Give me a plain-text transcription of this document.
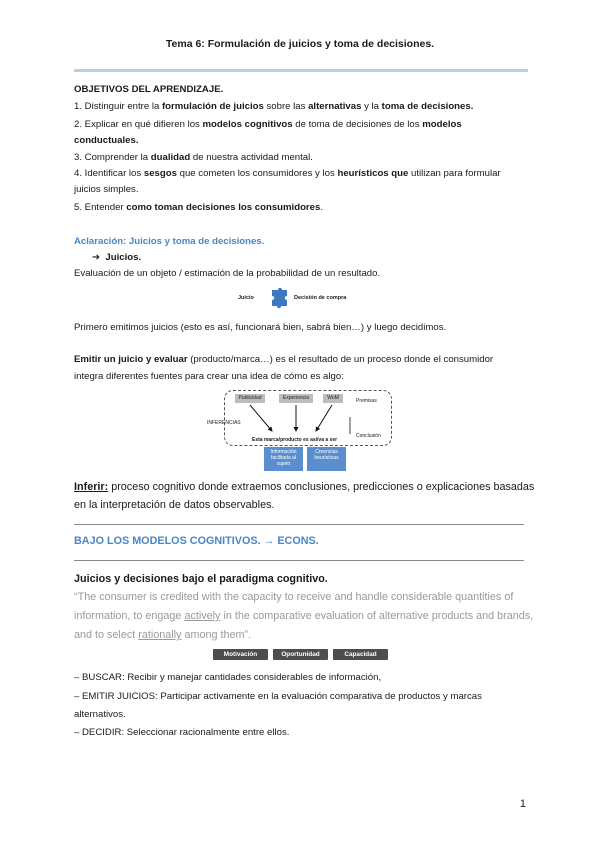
Tema 6: Formulación de juicios y toma de decisiones.
OBJETIVOS DEL APRENDIZAJE.
1. Distinguir entre la formulación de juicios sobre las alternativas y la toma de decisiones.
2. Explicar en qué difieren los modelos cognitivos de toma de decisiones de los modelos
conductuales.
3. Comprender la dualidad de nuestra actividad mental.
4. Identificar los sesgos que cometen los consumidores y los heurísticos que utilizan para formular
juicios simples.
5. Entender como toman decisiones los consumidores.
Aclaración: Juicios y toma de decisiones.
➔ Juicios.
Evaluación de un objeto / estimación de la probabilidad de un resultado.
Juicio	Decisión de compra
Primero emitimos juicios (esto es así, funcionará bien, sabrá bien…) y luego decidimos.
Emitir un juicio y evaluar (producto/marca…) es el resultado de un proceso donde el consumidor
integra diferentes fuentes para crear una idea de cómo es algo:
Publicidad	Experiencia	WoM	Premisas
INFERENCIAS
Conclusión
Esta marca/producto es así/va a ser
Información facilitada al sujeto
Creencias heurísticas
Inferir: proceso cognitivo donde extraemos conclusiones, predicciones o explicaciones basadas
en la interpretación de datos observables.
BAJO LOS MODELOS COGNITIVOS. → ECONS.
Juicios y decisiones bajo el paradigma cognitivo.
“The consumer is credited with the capacity to receive and handle considerable quantities of
information, to engage actively in the comparative evaluation of alternative products and brands,
and to select rationally among them”.
Motivación	Oportunidad	Capacidad
– BUSCAR: Recibir y manejar cantidades considerables de información,
– EMITIR JUICIOS: Participar activamente en la evaluación comparativa de productos y marcas
alternativos.
– DECIDIR: Seleccionar racionalmente entre ellos.
1
